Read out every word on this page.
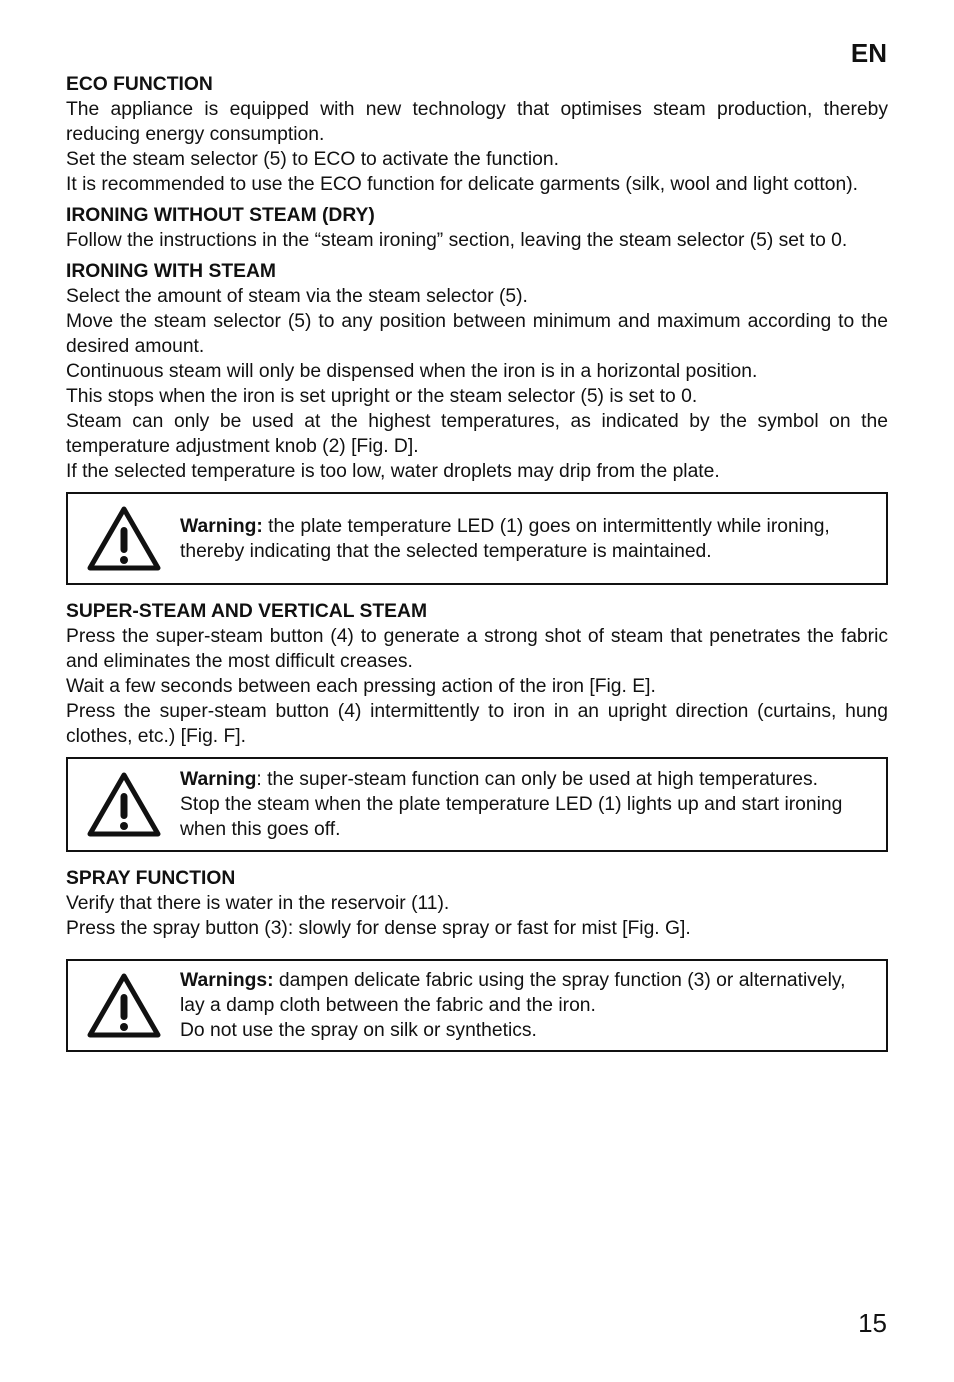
EN
ECO FUNCTION

The appliance is equipped with new technology that optimises steam production, thereby reducing energy consumption.

Set the steam selector (5) to ECO to activate the function.

It is recommended to use the ECO function for delicate garments (silk, wool and light cotton).

IRONING WITHOUT STEAM (DRY)

Follow the instructions in the “steam ironing” section, leaving the steam selector (5) set to 0.

IRONING WITH STEAM

Select the amount of steam via the steam selector (5).

Move the steam selector (5) to any position between minimum and maximum according to the desired amount.

Continuous steam will only be dispensed when the iron is in a horizontal position.

This stops when the iron is set upright or the steam selector (5) is set to 0.

Steam can only be used at the highest temperatures, as indicated by the symbol on the temperature adjustment knob (2) [Fig. D].

If the selected temperature is too low, water droplets may drip from the plate.

Warning: the plate temperature LED (1) goes on intermittently while ironing, thereby indicating that the selected temperature is maintained.

SUPER-STEAM AND VERTICAL STEAM

Press the super-steam button (4) to generate a strong shot of steam that penetrates the fabric and eliminates the most difficult creases.

Wait a few seconds between each pressing action of the iron [Fig. E].

Press the super-steam button (4) intermittently to iron in an upright direction (curtains, hung clothes, etc.) [Fig. F].

Warning: the super-steam function can only be used at high temperatures.

Stop the steam when the plate temperature LED (1) lights up and start ironing when this goes off.

SPRAY FUNCTION

Verify that there is water in the reservoir (11).

Press the spray button (3): slowly for dense spray or fast for mist [Fig. G].

Warnings: dampen delicate fabric using the spray function (3) or alternatively, lay a damp cloth between the fabric and the iron.

Do not use the spray on silk or synthetics.

15
